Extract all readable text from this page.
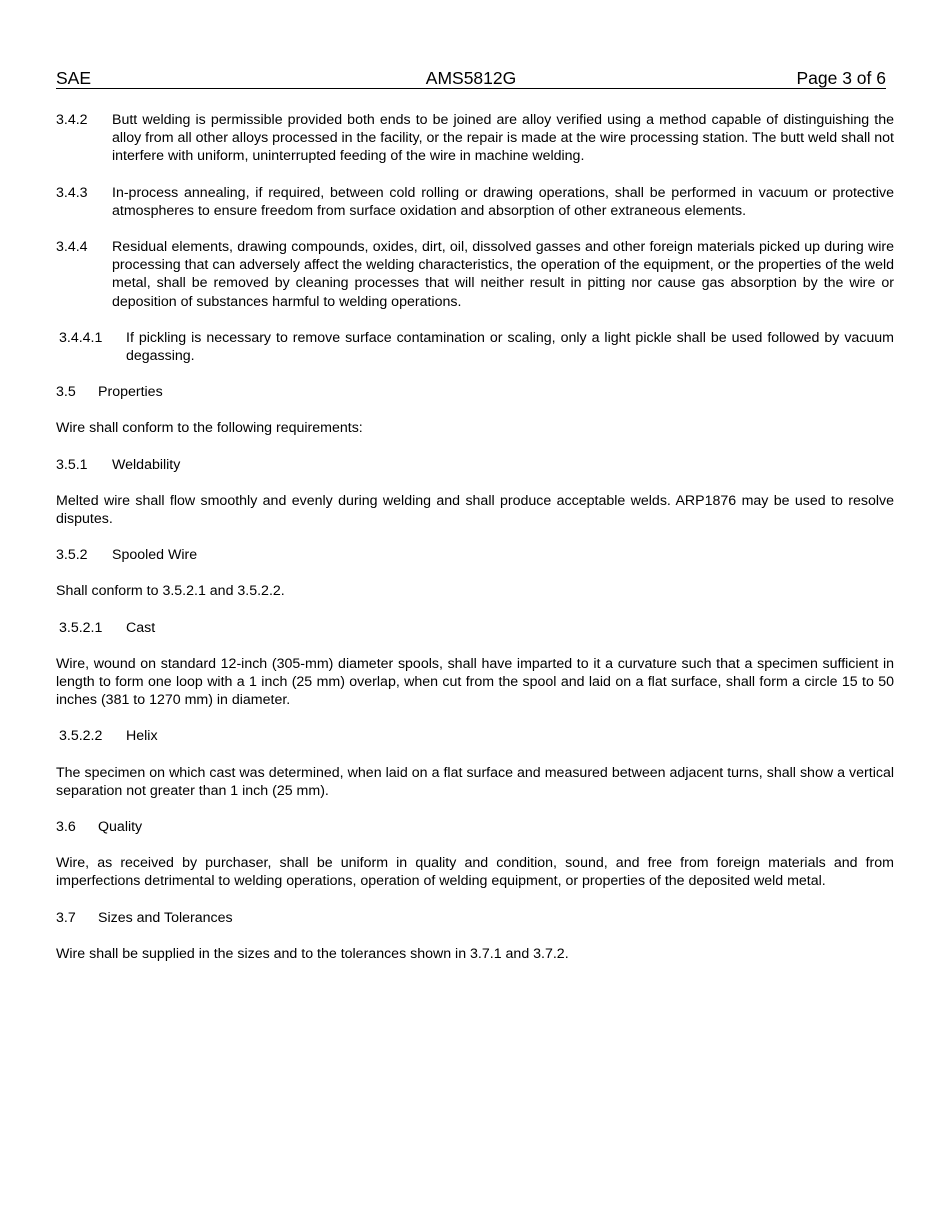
SAE	AMS5812G	Page 3 of 6
3.4.2 Butt welding is permissible provided both ends to be joined are alloy verified using a method capable of distinguishing the alloy from all other alloys processed in the facility, or the repair is made at the wire processing station. The butt weld shall not interfere with uniform, uninterrupted feeding of the wire in machine welding.
3.4.3 In-process annealing, if required, between cold rolling or drawing operations, shall be performed in vacuum or protective atmospheres to ensure freedom from surface oxidation and absorption of other extraneous elements.
3.4.4 Residual elements, drawing compounds, oxides, dirt, oil, dissolved gasses and other foreign materials picked up during wire processing that can adversely affect the welding characteristics, the operation of the equipment, or the properties of the weld metal, shall be removed by cleaning processes that will neither result in pitting nor cause gas absorption by the wire or deposition of substances harmful to welding operations.
3.4.4.1 If pickling is necessary to remove surface contamination or scaling, only a light pickle shall be used followed by vacuum degassing.
3.5 Properties
Wire shall conform to the following requirements:
3.5.1 Weldability
Melted wire shall flow smoothly and evenly during welding and shall produce acceptable welds. ARP1876 may be used to resolve disputes.
3.5.2 Spooled Wire
Shall conform to 3.5.2.1 and 3.5.2.2.
3.5.2.1 Cast
Wire, wound on standard 12-inch (305-mm) diameter spools, shall have imparted to it a curvature such that a specimen sufficient in length to form one loop with a 1 inch (25 mm) overlap, when cut from the spool and laid on a flat surface, shall form a circle 15 to 50 inches (381 to 1270 mm) in diameter.
3.5.2.2 Helix
The specimen on which cast was determined, when laid on a flat surface and measured between adjacent turns, shall show a vertical separation not greater than 1 inch (25 mm).
3.6 Quality
Wire, as received by purchaser, shall be uniform in quality and condition, sound, and free from foreign materials and from imperfections detrimental to welding operations, operation of welding equipment, or properties of the deposited weld metal.
3.7 Sizes and Tolerances
Wire shall be supplied in the sizes and to the tolerances shown in 3.7.1 and 3.7.2.
